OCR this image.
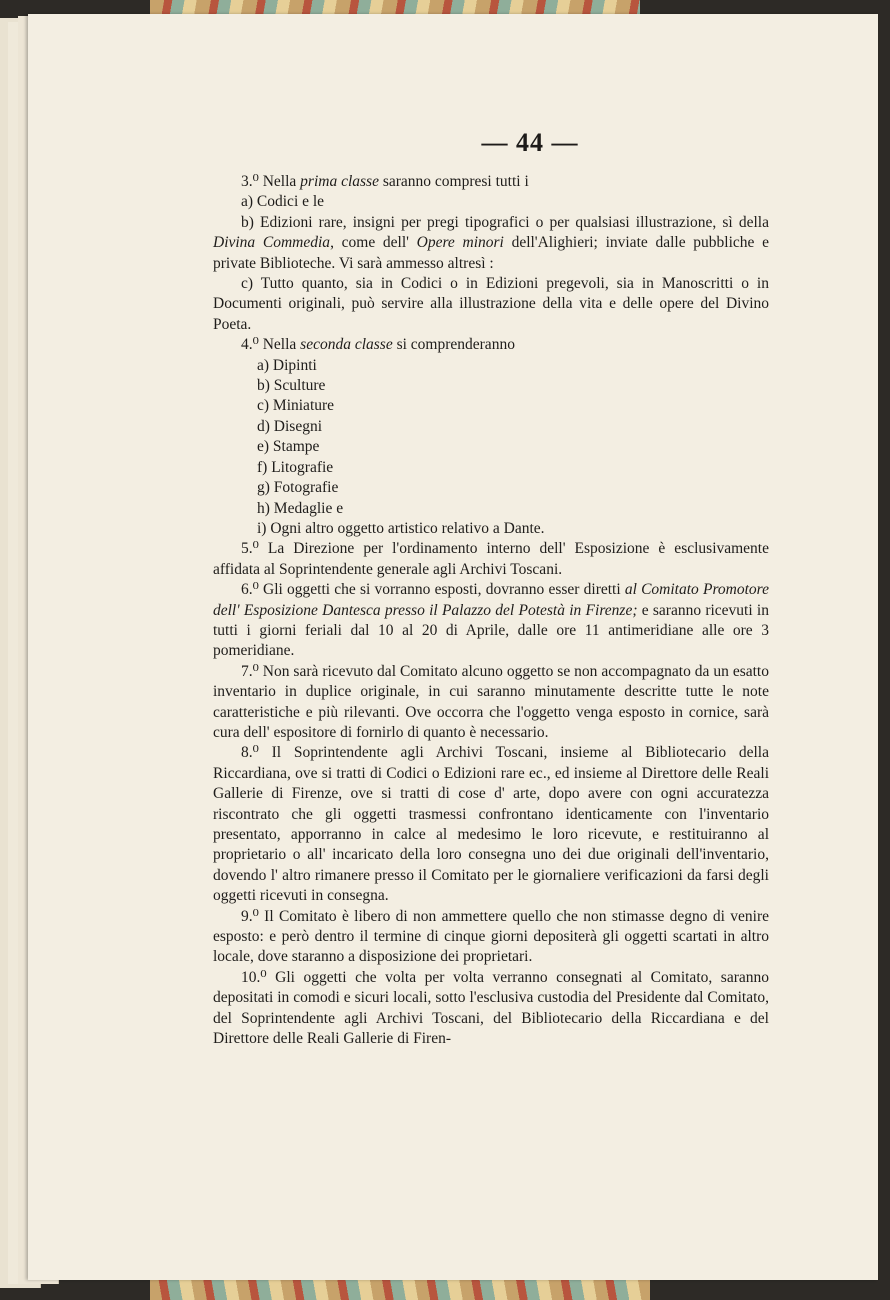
— 44 —

3.⁰ Nella prima classe saranno compresi tutti i

a) Codici e le

b) Edizioni rare, insigni per pregi tipografici o per qualsiasi illustrazione, sì della Divina Commedia, come dell' Opere minori dell'Alighieri; inviate dalle pubbliche e private Biblioteche. Vi sarà ammesso altresì :

c) Tutto quanto, sia in Codici o in Edizioni pregevoli, sia in Manoscritti o in Documenti originali, può servire alla illustrazione della vita e delle opere del Divino Poeta.

4.⁰ Nella seconda classe si comprenderanno

a) Dipinti

b) Sculture

c) Miniature

d) Disegni

e) Stampe

f) Litografie

g) Fotografie

h) Medaglie e

i) Ogni altro oggetto artistico relativo a Dante.

5.⁰ La Direzione per l'ordinamento interno dell' Esposizione è esclusivamente affidata al Soprintendente generale agli Archivi Toscani.

6.⁰ Gli oggetti che si vorranno esposti, dovranno esser diretti al Comitato Promotore dell' Esposizione Dantesca presso il Palazzo del Potestà in Firenze; e saranno ricevuti in tutti i giorni feriali dal 10 al 20 di Aprile, dalle ore 11 antimeridiane alle ore 3 pomeridiane.

7.⁰ Non sarà ricevuto dal Comitato alcuno oggetto se non accompagnato da un esatto inventario in duplice originale, in cui saranno minutamente descritte tutte le note caratteristiche e più rilevanti. Ove occorra che l'oggetto venga esposto in cornice, sarà cura dell' espositore di fornirlo di quanto è necessario.

8.⁰ Il Soprintendente agli Archivi Toscani, insieme al Bibliotecario della Riccardiana, ove si tratti di Codici o Edizioni rare ec., ed insieme al Direttore delle Reali Gallerie di Firenze, ove si tratti di cose d' arte, dopo avere con ogni accuratezza riscontrato che gli oggetti trasmessi confrontano identicamente con l'inventario presentato, apporranno in calce al medesimo le loro ricevute, e restituiranno al proprietario o all' incaricato della loro consegna uno dei due originali dell'inventario, dovendo l' altro rimanere presso il Comitato per le giornaliere verificazioni da farsi degli oggetti ricevuti in consegna.

9.⁰ Il Comitato è libero di non ammettere quello che non stimasse degno di venire esposto: e però dentro il termine di cinque giorni depositerà gli oggetti scartati in altro locale, dove staranno a disposizione dei proprietari.

10.⁰ Gli oggetti che volta per volta verranno consegnati al Comitato, saranno depositati in comodi e sicuri locali, sotto l'esclusiva custodia del Presidente dal Comitato, del Soprintendente agli Archivi Toscani, del Bibliotecario della Riccardiana e del Direttore delle Reali Gallerie di Firen-
